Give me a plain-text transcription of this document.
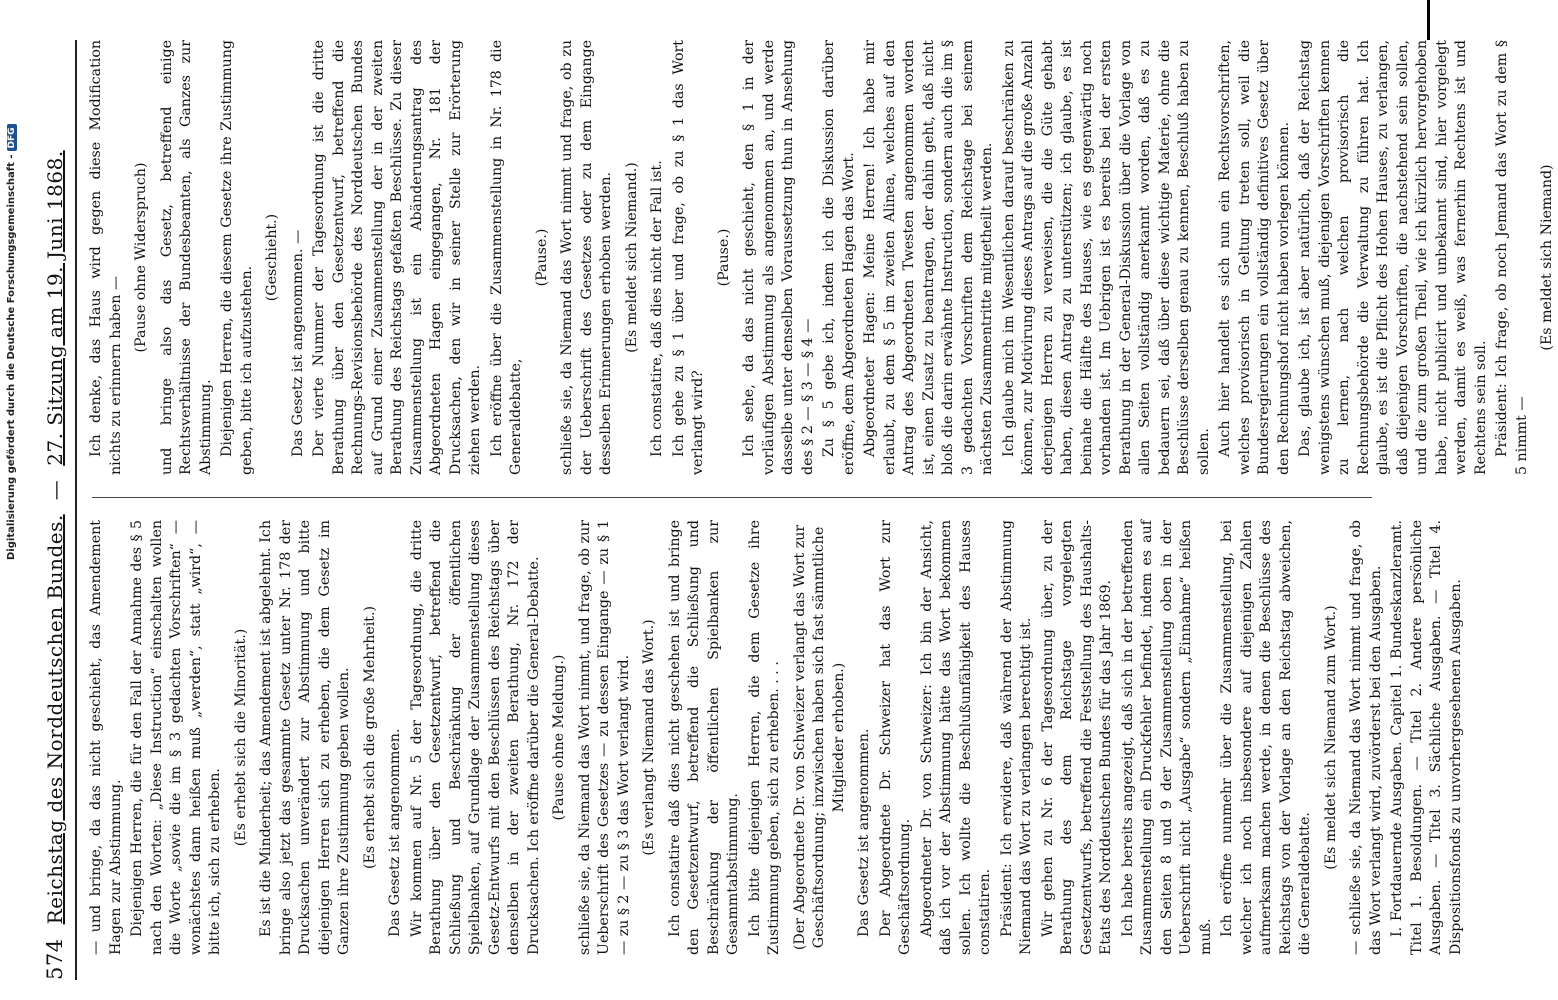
Ich denke, das Haus wird gegen diese Modification nichts zu erinnern haben —

(Pause ohne Widerspruch) und bringe also das Gesetz, betreffend einige Rechtsverhältnisse der Bundesbeamten, als Ganzes zur Abstimmung. Diejenigen Herren, die diesem Gesetze ihre Zustimmung geben, bitte ich aufzustehen.

(Geschieht.) Das Gesetz ist angenommen. — Der vierte Nummer der Tagesordnung ist die dritte Berathung über den Gesetzentwurf, betreffend die Rechnungs-Revisionsbehörde des Norddeutschen Bundes auf Grund einer Zusammenstellung der in der zweiten Berathung des Reichstags gefaßten Beschlüsse. Zu dieser Zusammenstellung ist ein Abänderungsantrag des Abgeordneten Hagen eingegangen, Nr. 181 der Drucksachen, den wir in seiner Stelle zur Erörterung ziehen werden. Ich eröffne über die Zusammenstellung in Nr. 178 die Generaldebatte,

(Pause.) schließe sie, da Niemand das Wort nimmt und frage, ob zu der Ueberschrift des Gesetzes oder zu dem Eingange desselben Erinnerungen erhoben werden. (Es meldet sich Niemand.) Ich constatire, daß dies nicht der Fall ist. Ich gehe zu § 1 über und frage, ob zu § 1 das Wort verlangt wird?

(Pause.) Ich sehe, da das nicht geschieht, den § 1 in der vorläufigen Abstimmung als angenommen an, und werde dasselbe unter denselben Voraussetzung thun in Ansehung des § 2 — § 3 — § 4 — Zu § 5 gebe ich, indem ich die Diskussion darüber eröffne, dem Abgeordneten Hagen das Wort. Abgeordneter Hagen: Meine Herren! Ich habe mir erlaubt, zu dem § 5 im zweiten Alinea, welches auf den Antrag des Abgeordneten Twesten angenommen worden ist, einen Zusatz zu beantragen, der dahin geht, daß nicht bloß die darin erwähnte Instruction, sondern auch die im § 3 gedachten Vorschriften dem Reichstage bei seinem nächsten Zusammentritte mitgetheilt werden. Ich glaube mich im Wesentlichen darauf beschränken zu können, zur Motivirung dieses Antrags auf die große Anzahl derjenigen Herren zu verweisen, die die Güte gehabt haben, diesen Antrag zu unterstützen; ich glaube, es ist beinahe die Hälfte des Hauses, wie es gegenwärtig noch vorhanden ist. Im Uebrigen ist es bereits bei der ersten Berathung in der General-Diskussion über die Vorlage von allen Seiten vollständig anerkannt worden, daß es zu bedauern sei, daß über diese wichtige Materie, ohne die Beschlüsse derselben genau zu kennen, Beschluß haben zu sollen. Auch hier handelt es sich nun ein Rechtsvorschriften, welches provisorisch in Geltung treten soll, weil die Bundesregierungen ein vollständig definitives Gesetz über den Rechnungshof nicht haben vorlegen können. Das, glaube ich, ist aber natürlich, daß der Reichstag wenigstens wünschen muß, diejenigen Vorschriften kennen zu lernen, nach welchen provisorisch die Rechnungsbehörde die Verwaltung zu führen hat. Ich glaube, es ist die Pflicht des Hohen Hauses, zu verlangen, daß diejenigen Vorschriften, die nachstehend sein sollen, und die zum großen Theil, wie ich kürzlich hervorgehoben habe, nicht publicirt und unbekannt sind, hier vorgelegt werden, damit es weiß, was fernerhin Rechtens ist und Rechtens sein soll. Präsident: Ich frage, ob noch Jemand das Wort zu dem § 5 nimmt —

(Es meldet sich Niemand)

— und bringe, da das nicht geschieht, das Amendement Hagen zur Abstimmung. Diejenigen Herren, die für den Fall der Annahme des § 5 nach den Worten: „Diese Instruction“ einschalten wollen die Worte „sowie die im § 3 gedachten Vorschriften“ — wonächstes dann heißen muß „werden“, statt „wird“, — bitte ich, sich zu erheben.

(Es erhebt sich die Minorität.) Es ist die Minderheit; das Amendement ist abgelehnt. Ich bringe also jetzt das gesammte Gesetz unter Nr. 178 der Drucksachen unverändert zur Abstimmung und bitte diejenigen Herren sich zu erheben, die dem Gesetz im Ganzen ihre Zustimmung geben wollen. (Es erhebt sich die große Mehrheit.) Das Gesetz ist angenommen. Wir kommen auf Nr. 5 der Tagesordnung, die dritte Berathung über den Gesetzentwurf, betreffend die Schließung und Beschränkung der öffentlichen Spielbanken, auf Grundlage der Zusammenstellung dieses Gesetz-Entwurfs mit den Beschlüssen des Reichstags über denselben in der zweiten Berathung, Nr. 172 der Drucksachen. Ich eröffne darüber die General-Debatte. (Pause ohne Meldung.) schließe sie, da Niemand das Wort nimmt, und frage, ob zur Ueberschrift des Gesetzes — zu dessen Eingange — zu § 1 — zu § 2 — zu § 3 das Wort verlangt wird. (Es verlangt Niemand das Wort.) Ich constatire daß dies nicht geschehen ist und bringe den Gesetzentwurf, betreffend die Schließung und Beschränkung der öffentlichen Spielbanken zur Gesammtabstimmung. Ich bitte diejenigen Herren, die dem Gesetze ihre Zustimmung geben, sich zu erheben. . . . (Der Abgeordnete Dr. von Schweizer verlangt das Wort zur Geschäftsordnung; inzwischen haben sich fast sämmtliche Mitglieder erhoben.) Das Gesetz ist angenommen. Der Abgeordnete Dr. Schweizer hat das Wort zur Geschäftsordnung. Abgeordneter Dr. von Schweizer: Ich bin der Ansicht, daß ich vor der Abstimmung hätte das Wort bekommen sollen. Ich wollte die Beschlußunfähigkeit des Hauses constatiren. Präsident: Ich erwidere, daß während der Abstimmung Niemand das Wort zu verlangen berechtigt ist. Wir gehen zu Nr. 6 der Tagesordnung über, zu der Berathung des dem Reichstage vorgelegten Gesetzentwurfs, betreffend die Feststellung des Haushalts-Etats des Norddeutschen Bundes für das Jahr 1869. Ich habe bereits angezeigt, daß sich in der betreffenden Zusammenstellung ein Druckfehler befindet, indem es auf den Seiten 8 und 9 der Zusammenstellung oben in der Ueberschrift nicht „Ausgabe“ sondern „Einnahme“ heißen muß. Ich eröffne nunmehr über die Zusammenstellung, bei welcher ich noch insbesondere auf diejenigen Zahlen aufmerksam machen werde, in denen die Beschlüsse des Reichstags von der Vorlage an den Reichstag abweichen, die Generaldebatte.

(Es meldet sich Niemand zum Wort.) — schließe sie, da Niemand das Wort nimmt und frage, ob das Wort verlangt wird, zuvörderst bei den Ausgaben. I. Fortdauernde Ausgaben. Capitel 1. Bundeskanzleramt. Titel 1. Besoldungen. — Titel 2. Andere persönliche Ausgaben. — Titel 3. Sächliche Ausgaben. — Titel 4. Dispositionsfonds zu unvorhergesehenen Ausgaben.

574
Reichstag des Norddeutschen Bundes.
—
27. Sitzung am 19. Juni 1868.
Digitalisierung gefördert durch die Deutsche Forschungsgemeinschaft -DFG
